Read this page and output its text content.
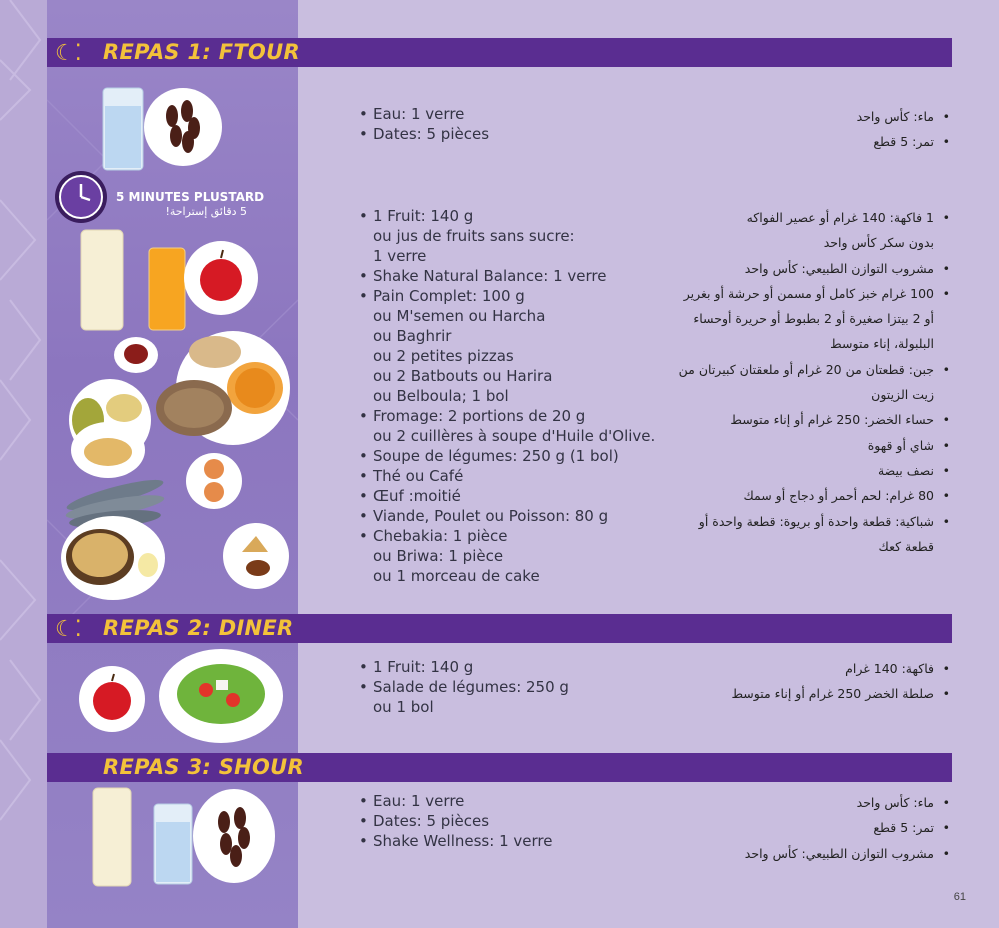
☾⁚ REPAS 1: FTOUR
5 MINUTES PLUSTARD
5 دقائق إستراحة!
• Eau: 1 verre
• Dates: 5 pièces
• ماء: كأس واحد
• تمر: 5 قطع
• 1 Fruit: 140 g
ou jus de fruits sans sucre:
1 verre
• Shake Natural Balance: 1 verre
• Pain Complet: 100 g
ou M'semen ou Harcha
ou Baghrir
ou 2 petites pizzas
ou 2 Batbouts ou Harira
ou Belboula; 1 bol
• Fromage: 2 portions de 20 g
ou 2 cuillères à soupe d'Huile d'Olive.
• Soupe de légumes: 250 g (1 bol)
• Thé ou Café
• Œuf :moitié
• Viande, Poulet ou Poisson: 80 g
• Chebakia: 1 pièce
ou Briwa: 1 pièce
ou 1 morceau de cake
• 1 فاكهة: 140 غرام أو عصير الفواكه
بدون سكر كأس واحد
• مشروب التوازن الطبيعي: كأس واحد
• 100 غرام خبز كامل أو مسمن أو حرشة أو بغرير
أو 2 بيتزا صغيرة أو 2 بطبوط أو حريرة أوحساء
البلبولة، إناء متوسط
• جبن: قطعتان من 20 غرام أو ملعقتان كبيرتان من
زيت الزيتون
• حساء الخضر: 250 غرام أو إناء متوسط
• شاي أو قهوة
• نصف بيضة
• 80 غرام: لحم أحمر أو دجاج أو سمك
• شباكية: قطعة واحدة أو بريوة: قطعة واحدة أو
قطعة كعك
☾⁚ REPAS 2: DINER
• 1 Fruit: 140 g
• Salade de légumes: 250 g
ou 1 bol
• فاكهة: 140 غرام
• صلطة الخضر 250 غرام أو إناء متوسط
REPAS 3: SHOUR
• Eau: 1 verre
• Dates: 5 pièces
• Shake Wellness: 1 verre
• ماء: كأس واحد
• تمر: 5 قطع
• مشروب التوازن الطبيعي: كأس واحد
61
